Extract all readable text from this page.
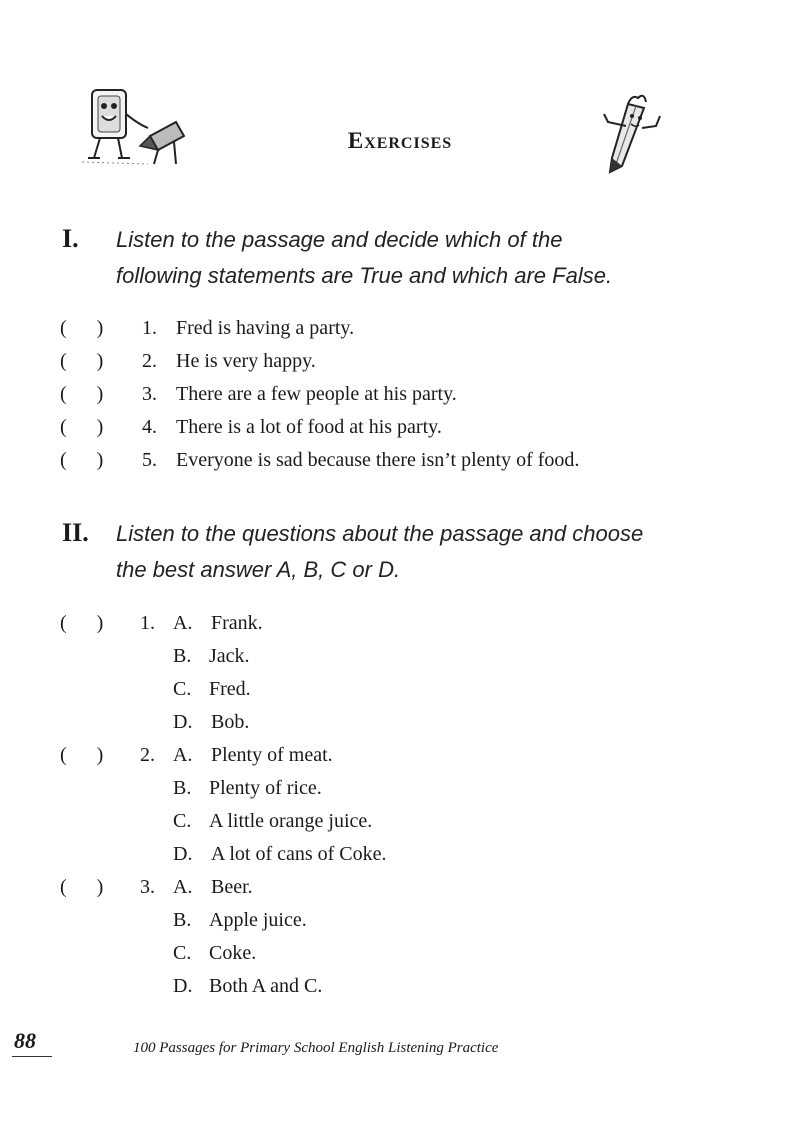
Exercises
I. Listen to the passage and decide which of the
following statements are True and which are False.
(      ) 1. Fred is having a party.
(      ) 2. He is very happy.
(      ) 3. There are a few people at his party.
(      ) 4. There is a lot of food at his party.
(      ) 5. Everyone is sad because there isn’t plenty of food.
II. Listen to the questions about the passage and choose
the best answer A, B, C or D.
(      ) 1. A. Frank.
B. Jack.
C. Fred.
D. Bob.
(      ) 2. A. Plenty of meat.
B. Plenty of rice.
C. A little orange juice.
D. A lot of cans of Coke.
(      ) 3. A. Beer.
B. Apple juice.
C. Coke.
D. Both A and C.
88	100 Passages for Primary School English Listening Practice
